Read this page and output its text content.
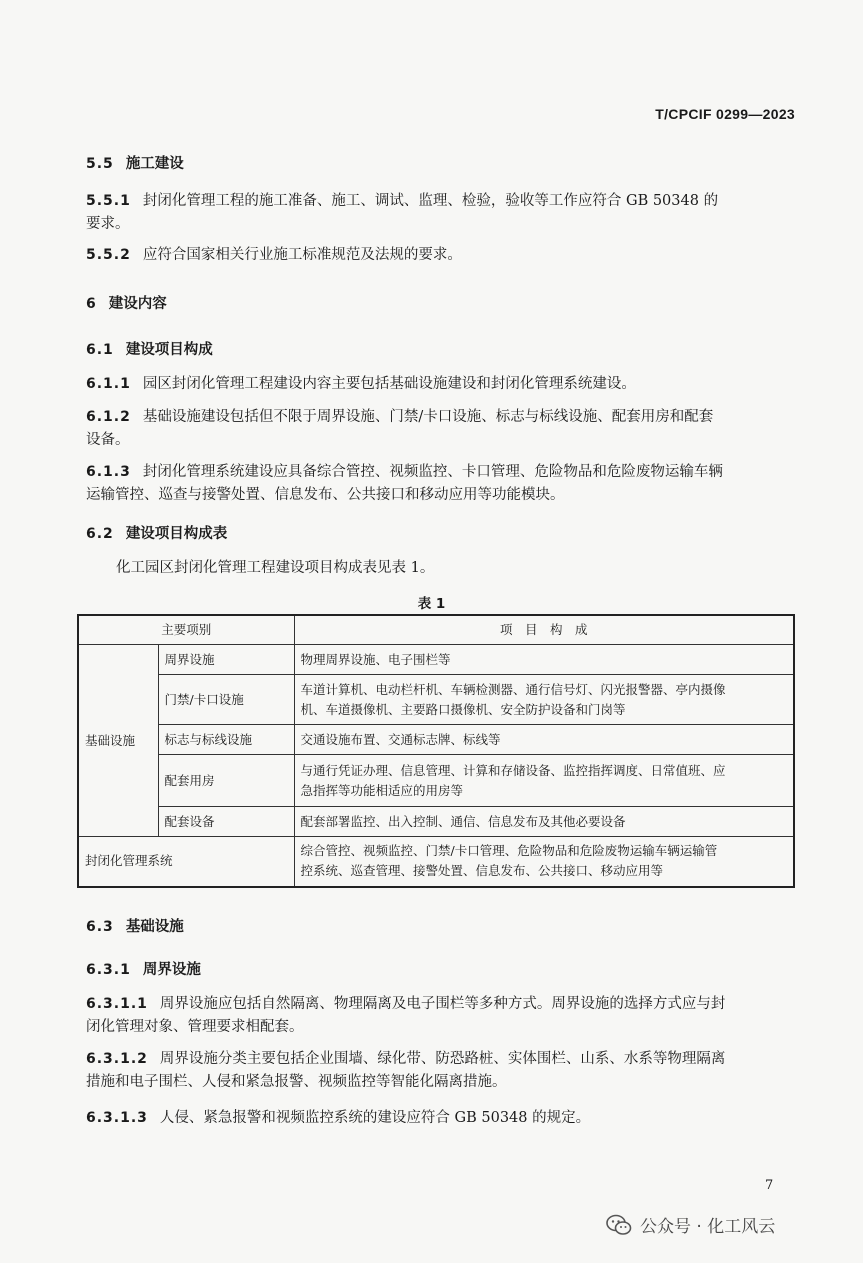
T/CPCIF 0299—2023
5.5 施工建设
5.5.1 封闭化管理工程的施工准备、施工、调试、监理、检验，验收等工作应符合 GB 50348 的
要求。
5.5.2 应符合国家相关行业施工标准规范及法规的要求。
6 建设内容
6.1 建设项目构成
6.1.1 园区封闭化管理工程建设内容主要包括基础设施建设和封闭化管理系统建设。
6.1.2 基础设施建设包括但不限于周界设施、门禁/卡口设施、标志与标线设施、配套用房和配套
设备。
6.1.3 封闭化管理系统建设应具备综合管控、视频监控、卡口管理、危险物品和危险废物运输车辆
运输管控、巡查与接警处置、信息发布、公共接口和移动应用等功能模块。
6.2 建设项目构成表
化工园区封闭化管理工程建设项目构成表见表 1。
表 1
主要项别		项　目　构　成
基础设施	周界设施	物理周界设施、电子围栏等
	门禁/卡口设施	车道计算机、电动栏杆机、车辆检测器、通行信号灯、闪光报警器、亭内摄像
机、车道摄像机、主要路口摄像机、安全防护设备和门岗等
	标志与标线设施	交通设施布置、交通标志牌、标线等
	配套用房	与通行凭证办理、信息管理、计算和存储设备、监控指挥调度、日常值班、应
急指挥等功能相适应的用房等
	配套设备	配套部署监控、出入控制、通信、信息发布及其他必要设备
封闭化管理系统		综合管控、视频监控、门禁/卡口管理、危险物品和危险废物运输车辆运输管
控系统、巡查管理、接警处置、信息发布、公共接口、移动应用等
6.3 基础设施
6.3.1 周界设施
6.3.1.1 周界设施应包括自然隔离、物理隔离及电子围栏等多种方式。周界设施的选择方式应与封
闭化管理对象、管理要求相配套。
6.3.1.2 周界设施分类主要包括企业围墙、绿化带、防恐路桩、实体围栏、山系、水系等物理隔离
措施和电子围栏、人侵和紧急报警、视频监控等智能化隔离措施。
6.3.1.3 人侵、紧急报警和视频监控系统的建设应符合 GB 50348 的规定。
7
公众号 · 化工风云
